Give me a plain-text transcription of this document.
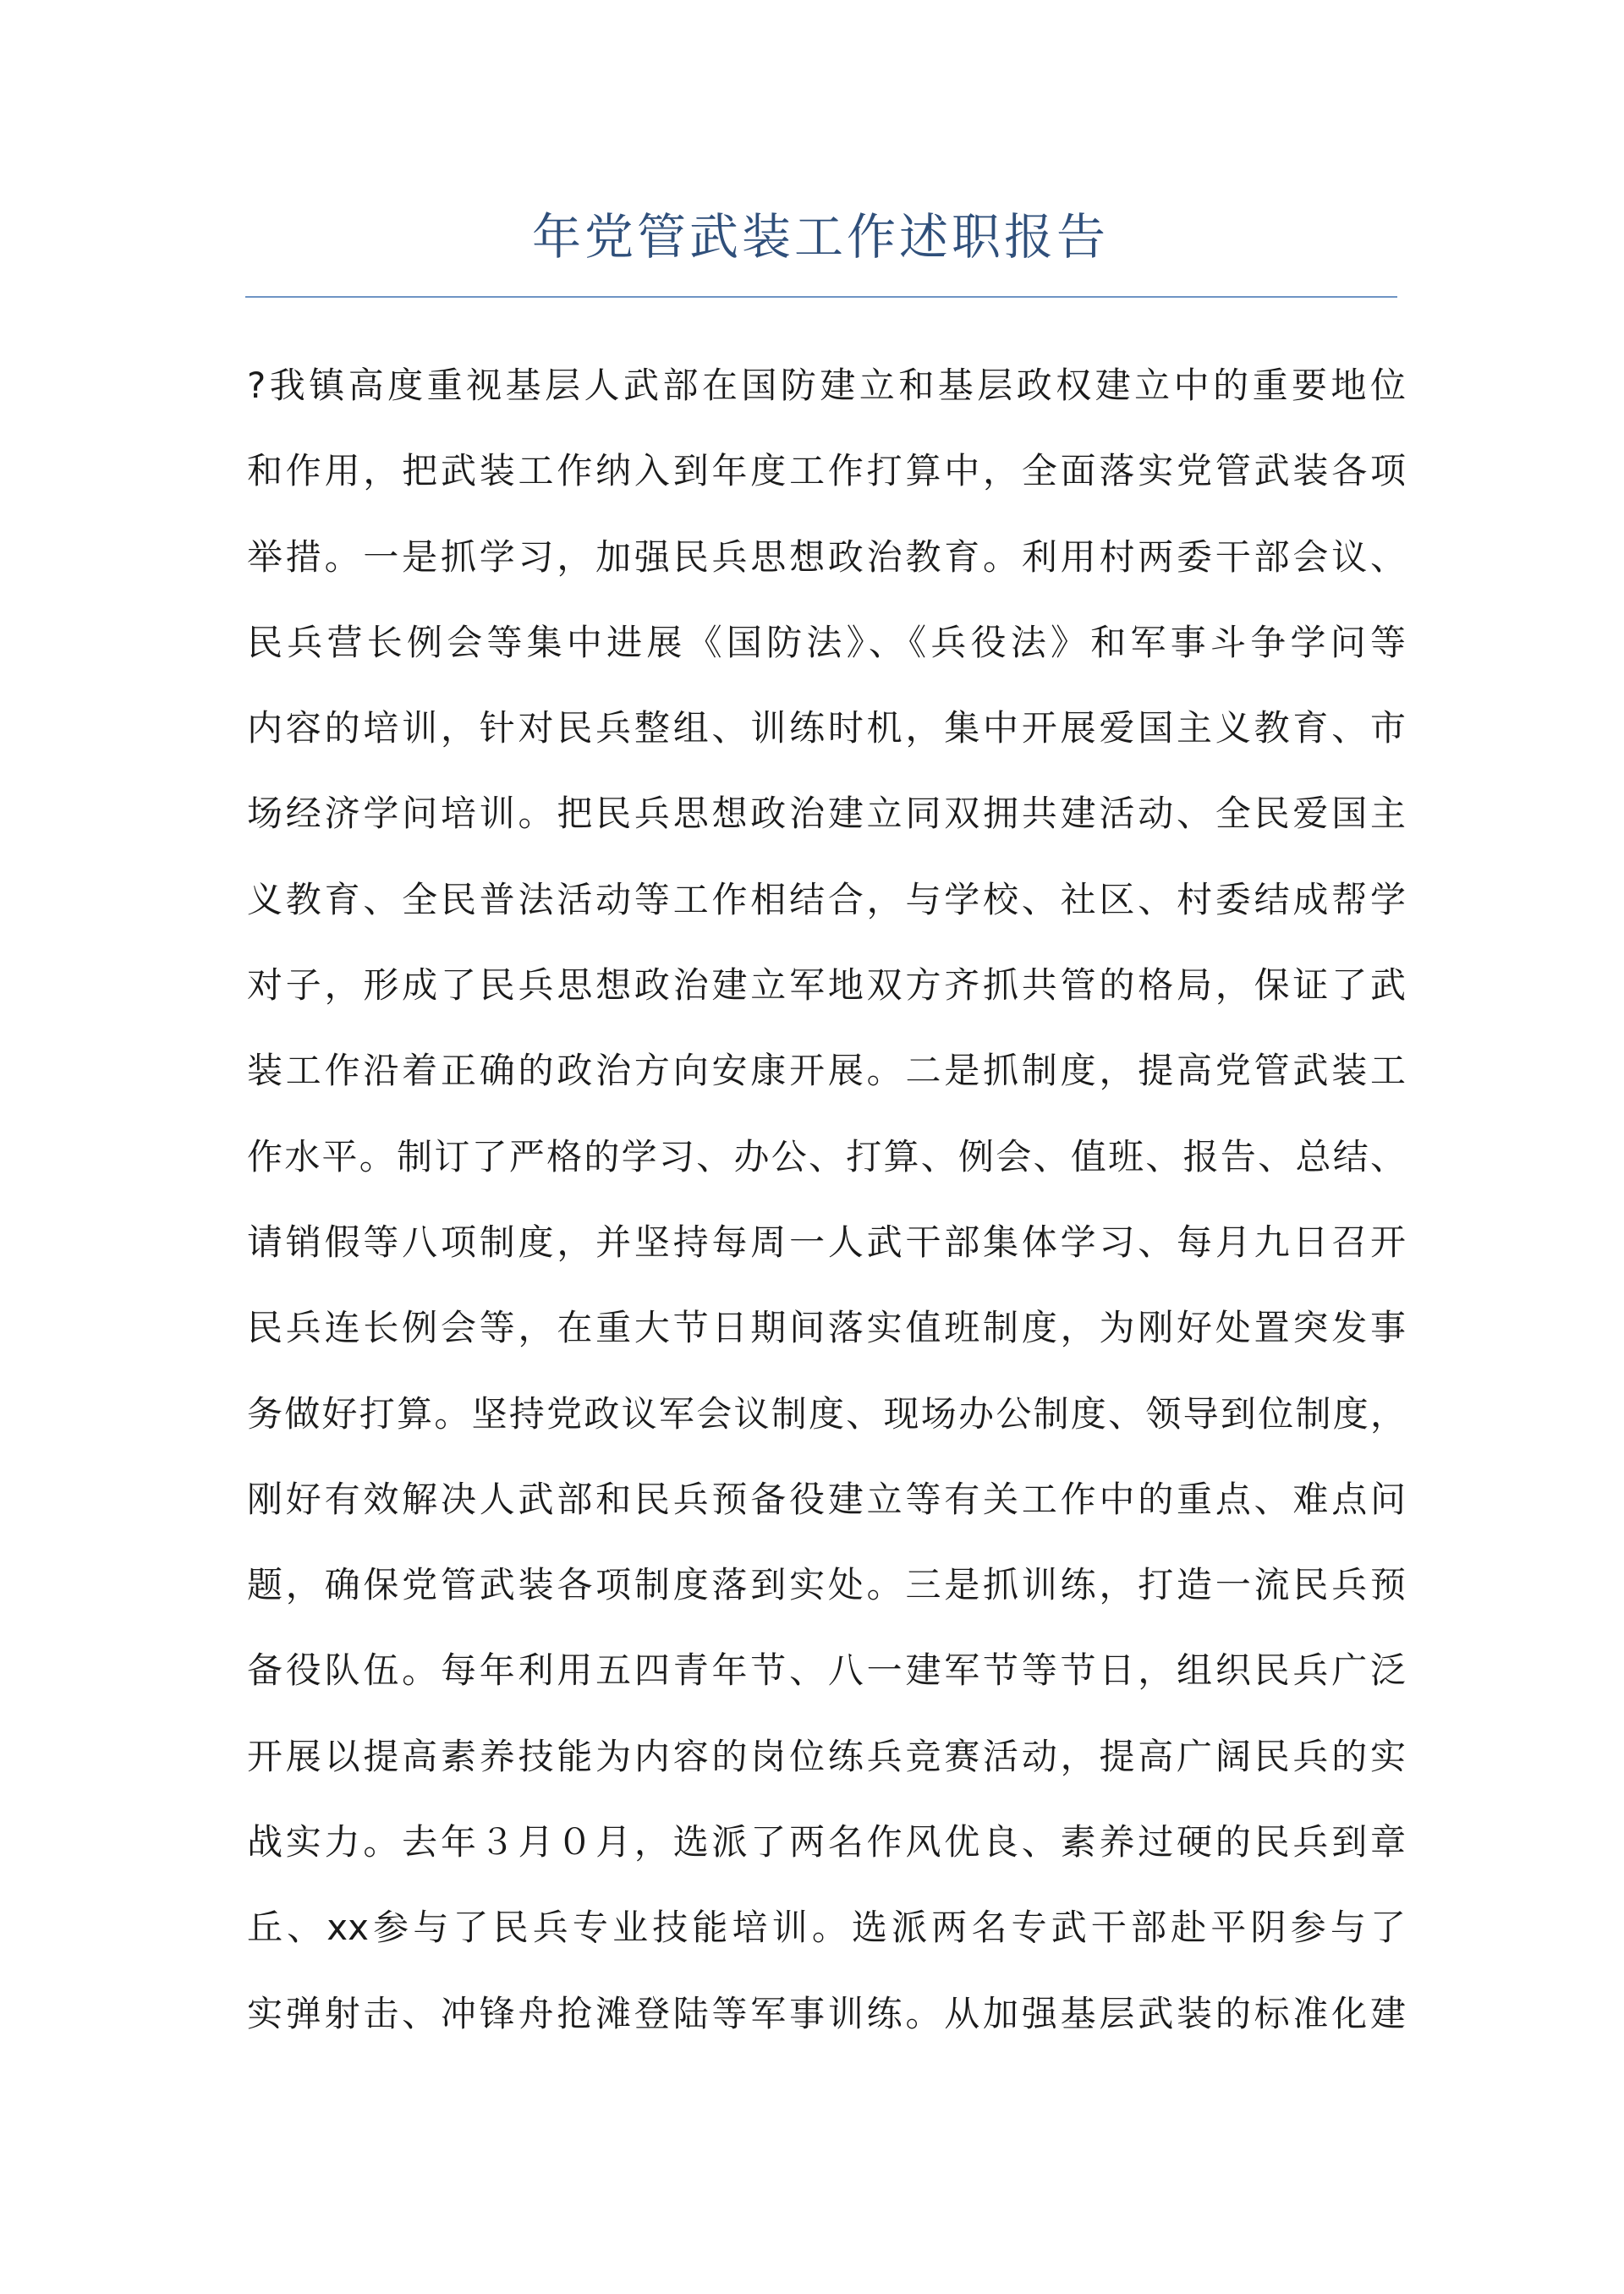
年党管武装工作述职报告
?我镇高度重视基层人武部在国防建立和基层政权建立中的重要地位
和作用，把武装工作纳入到年度工作打算中，全面落实党管武装各项
举措。一是抓学习，加强民兵思想政治教育。利用村两委干部会议、
民兵营长例会等集中进展《国防法》、《兵役法》和军事斗争学问等
内容的培训，针对民兵整组、训练时机，集中开展爱国主义教育、市
场经济学问培训。把民兵思想政治建立同双拥共建活动、全民爱国主
义教育、全民普法活动等工作相结合，与学校、社区、村委结成帮学
对子，形成了民兵思想政治建立军地双方齐抓共管的格局，保证了武
装工作沿着正确的政治方向安康开展。二是抓制度，提高党管武装工
作水平。制订了严格的学习、办公、打算、例会、值班、报告、总结、
请销假等八项制度，并坚持每周一人武干部集体学习、每月九日召开
民兵连长例会等，在重大节日期间落实值班制度，为刚好处置突发事
务做好打算。坚持党政议军会议制度、现场办公制度、领导到位制度，
刚好有效解决人武部和民兵预备役建立等有关工作中的重点、难点问
题，确保党管武装各项制度落到实处。三是抓训练，打造一流民兵预
备役队伍。每年利用五四青年节、八一建军节等节日，组织民兵广泛
开展以提高素养技能为内容的岗位练兵竞赛活动，提高广阔民兵的实
战实力。去年３月０月，选派了两名作风优良、素养过硬的民兵到章
丘、xx参与了民兵专业技能培训。选派两名专武干部赴平阴参与了
实弹射击、冲锋舟抢滩登陆等军事训练。从加强基层武装的标准化建
